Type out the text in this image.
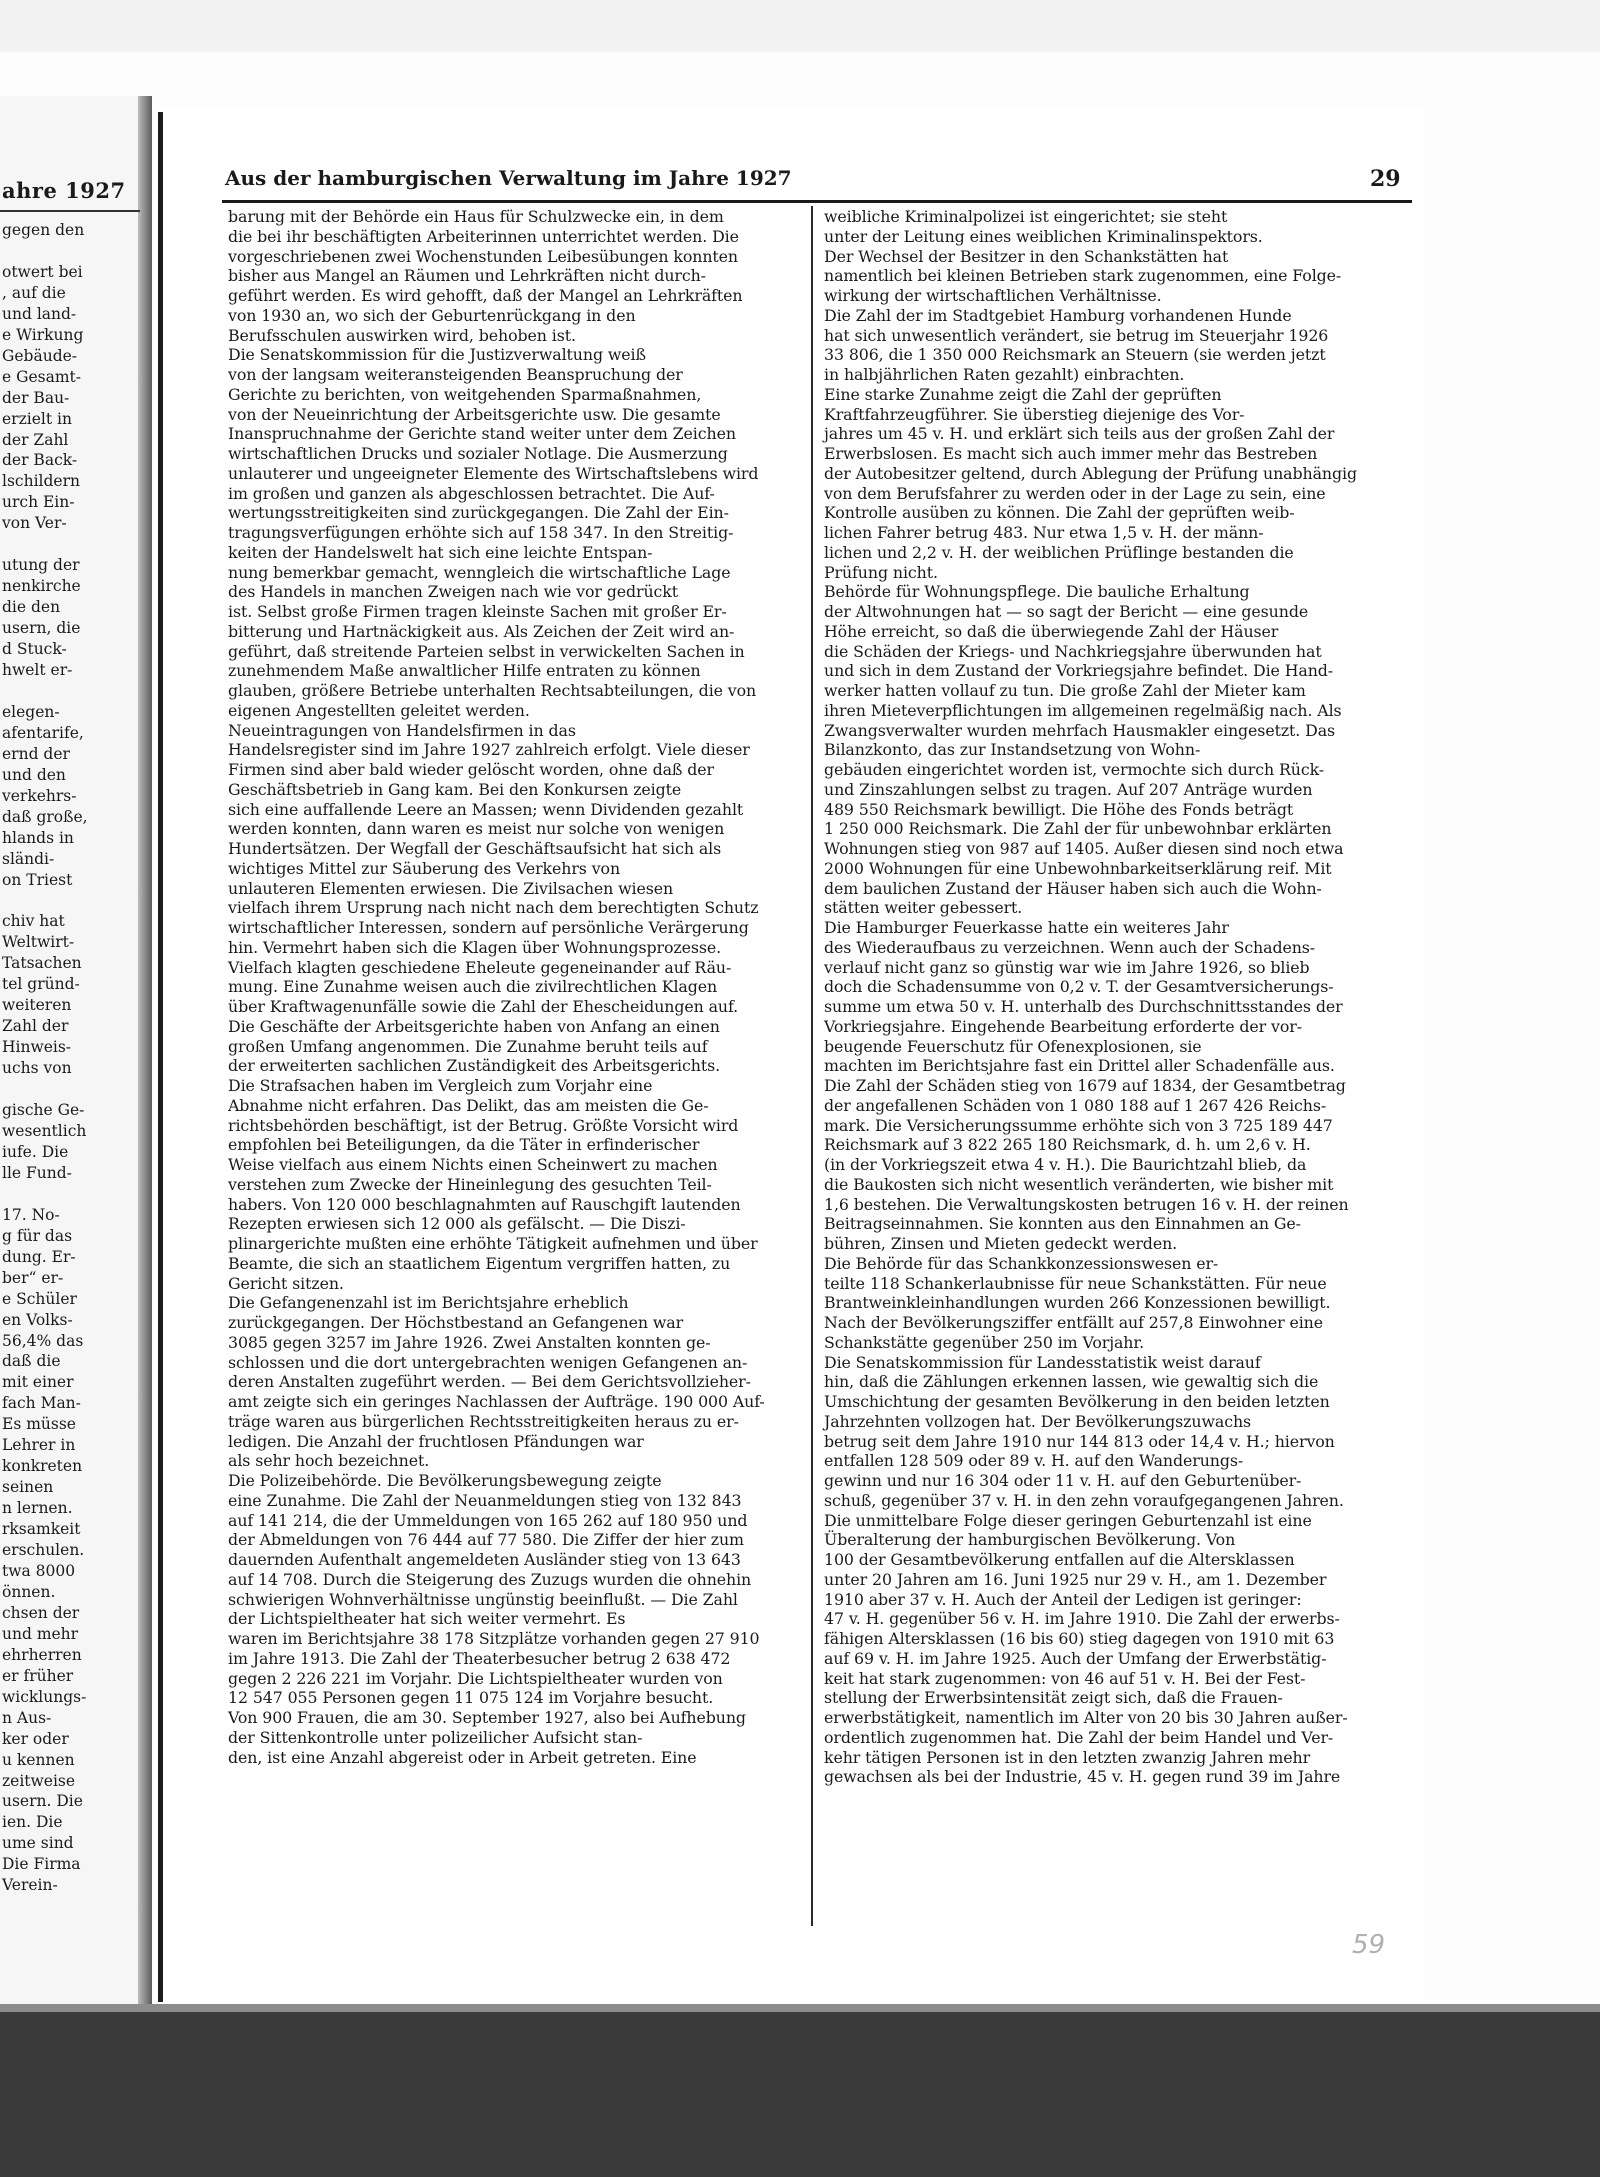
ahre 1927
gegen den

otwert bei
, auf die
und land-
e Wirkung
Gebäude-
e Gesamt-
der Bau-
erzielt in
der Zahl
der Back-
lschildern
urch Ein-
von Ver-

utung der
nenkirche
die den
usern, die
d Stuck-
hwelt er-

elegen-
afentarife,
ernd der
und den
verkehrs-
daß große,
hlands in
sländi-
on Triest

chiv hat
Weltwirt-
Tatsachen
tel gründ-
weiteren
Zahl der
Hinweis-
uchs von

gische Ge-
wesentlich
iufe. Die
lle Fund-

17. No-
g für das
dung. Er-
ber“ er-
e Schüler
en Volks-
56,4% das
daß die
mit einer
fach Man-
Es müsse
Lehrer in
konkreten
seinen
n lernen.
rksamkeit
erschulen.
twa 8000
önnen.
chsen der
und mehr
ehrherren
er früher
wicklungs-
n Aus-
ker oder
u kennen
zeitweise
usern. Die
ien. Die
ume sind
Die Firma
Verein-
Aus der hamburgischen Verwaltung im Jahre 1927	29
barung mit der Behörde ein Haus für Schulzwecke ein, in dem
die bei ihr beschäftigten Arbeiterinnen unterrichtet werden. Die
vorgeschriebenen zwei Wochenstunden Leibesübungen konnten
bisher aus Mangel an Räumen und Lehrkräften nicht durch-
geführt werden. Es wird gehofft, daß der Mangel an Lehrkräften
von 1930 an, wo sich der Geburtenrückgang in den
Berufsschulen auswirken wird, behoben ist.
Die Senatskommission für die Justizverwaltung weiß
von der langsam weiteransteigenden Beanspruchung der
Gerichte zu berichten, von weitgehenden Sparmaßnahmen,
von der Neueinrichtung der Arbeitsgerichte usw. Die gesamte
Inanspruchnahme der Gerichte stand weiter unter dem Zeichen
wirtschaftlichen Drucks und sozialer Notlage. Die Ausmerzung
unlauterer und ungeeigneter Elemente des Wirtschaftslebens wird
im großen und ganzen als abgeschlossen betrachtet. Die Auf-
wertungsstreitigkeiten sind zurückgegangen. Die Zahl der Ein-
tragungsverfügungen erhöhte sich auf 158 347. In den Streitig-
keiten der Handelswelt hat sich eine leichte Entspan-
nung bemerkbar gemacht, wenngleich die wirtschaftliche Lage
des Handels in manchen Zweigen nach wie vor gedrückt
ist. Selbst große Firmen tragen kleinste Sachen mit großer Er-
bitterung und Hartnäckigkeit aus. Als Zeichen der Zeit wird an-
geführt, daß streitende Parteien selbst in verwickelten Sachen in
zunehmendem Maße anwaltlicher Hilfe entraten zu können
glauben, größere Betriebe unterhalten Rechtsabteilungen, die von
eigenen Angestellten geleitet werden.
Neueintragungen von Handelsfirmen in das
Handelsregister sind im Jahre 1927 zahlreich erfolgt. Viele dieser
Firmen sind aber bald wieder gelöscht worden, ohne daß der
Geschäftsbetrieb in Gang kam. Bei den Konkursen zeigte
sich eine auffallende Leere an Massen; wenn Dividenden gezahlt
werden konnten, dann waren es meist nur solche von wenigen
Hundertsätzen. Der Wegfall der Geschäftsaufsicht hat sich als
wichtiges Mittel zur Säuberung des Verkehrs von
unlauteren Elementen erwiesen. Die Zivilsachen wiesen
vielfach ihrem Ursprung nach nicht nach dem berechtigten Schutz
wirtschaftlicher Interessen, sondern auf persönliche Verärgerung
hin. Vermehrt haben sich die Klagen über Wohnungsprozesse.
Vielfach klagten geschiedene Eheleute gegeneinander auf Räu-
mung. Eine Zunahme weisen auch die zivilrechtlichen Klagen
über Kraftwagenunfälle sowie die Zahl der Ehescheidungen auf.
Die Geschäfte der Arbeitsgerichte haben von Anfang an einen
großen Umfang angenommen. Die Zunahme beruht teils auf
der erweiterten sachlichen Zuständigkeit des Arbeitsgerichts.
Die Strafsachen haben im Vergleich zum Vorjahr eine
Abnahme nicht erfahren. Das Delikt, das am meisten die Ge-
richtsbehörden beschäftigt, ist der Betrug. Größte Vorsicht wird
empfohlen bei Beteiligungen, da die Täter in erfinderischer
Weise vielfach aus einem Nichts einen Scheinwert zu machen
verstehen zum Zwecke der Hineinlegung des gesuchten Teil-
habers. Von 120 000 beschlagnahmten auf Rauschgift lautenden
Rezepten erwiesen sich 12 000 als gefälscht. — Die Diszi-
plinargerichte mußten eine erhöhte Tätigkeit aufnehmen und über
Beamte, die sich an staatlichem Eigentum vergriffen hatten, zu
Gericht sitzen.
Die Gefangenenzahl ist im Berichtsjahre erheblich
zurückgegangen. Der Höchstbestand an Gefangenen war
3085 gegen 3257 im Jahre 1926. Zwei Anstalten konnten ge-
schlossen und die dort untergebrachten wenigen Gefangenen an-
deren Anstalten zugeführt werden. — Bei dem Gerichtsvollzieher-
amt zeigte sich ein geringes Nachlassen der Aufträge. 190 000 Auf-
träge waren aus bürgerlichen Rechtsstreitigkeiten heraus zu er-
ledigen. Die Anzahl der fruchtlosen Pfändungen war
als sehr hoch bezeichnet.
Die Polizeibehörde. Die Bevölkerungsbewegung zeigte
eine Zunahme. Die Zahl der Neuanmeldungen stieg von 132 843
auf 141 214, die der Ummeldungen von 165 262 auf 180 950 und
der Abmeldungen von 76 444 auf 77 580. Die Ziffer der hier zum
dauernden Aufenthalt angemeldeten Ausländer stieg von 13 643
auf 14 708. Durch die Steigerung des Zuzugs wurden die ohnehin
schwierigen Wohnverhältnisse ungünstig beeinflußt. — Die Zahl
der Lichtspieltheater hat sich weiter vermehrt. Es
waren im Berichtsjahre 38 178 Sitzplätze vorhanden gegen 27 910
im Jahre 1913. Die Zahl der Theaterbesucher betrug 2 638 472
gegen 2 226 221 im Vorjahr. Die Lichtspieltheater wurden von
12 547 055 Personen gegen 11 075 124 im Vorjahre besucht.
Von 900 Frauen, die am 30. September 1927, also bei Aufhebung
der Sittenkontrolle unter polizeilicher Aufsicht stan-
den, ist eine Anzahl abgereist oder in Arbeit getreten. Eine
weibliche Kriminalpolizei ist eingerichtet; sie steht
unter der Leitung eines weiblichen Kriminalinspektors.
Der Wechsel der Besitzer in den Schankstätten hat
namentlich bei kleinen Betrieben stark zugenommen, eine Folge-
wirkung der wirtschaftlichen Verhältnisse.
Die Zahl der im Stadtgebiet Hamburg vorhandenen Hunde
hat sich unwesentlich verändert, sie betrug im Steuerjahr 1926
33 806, die 1 350 000 Reichsmark an Steuern (sie werden jetzt
in halbjährlichen Raten gezahlt) einbrachten.
Eine starke Zunahme zeigt die Zahl der geprüften
Kraftfahrzeugführer. Sie überstieg diejenige des Vor-
jahres um 45 v. H. und erklärt sich teils aus der großen Zahl der
Erwerbslosen. Es macht sich auch immer mehr das Bestreben
der Autobesitzer geltend, durch Ablegung der Prüfung unabhängig
von dem Berufsfahrer zu werden oder in der Lage zu sein, eine
Kontrolle ausüben zu können. Die Zahl der geprüften weib-
lichen Fahrer betrug 483. Nur etwa 1,5 v. H. der männ-
lichen und 2,2 v. H. der weiblichen Prüflinge bestanden die
Prüfung nicht.
Behörde für Wohnungspflege. Die bauliche Erhaltung
der Altwohnungen hat — so sagt der Bericht — eine gesunde
Höhe erreicht, so daß die überwiegende Zahl der Häuser
die Schäden der Kriegs- und Nachkriegsjahre überwunden hat
und sich in dem Zustand der Vorkriegsjahre befindet. Die Hand-
werker hatten vollauf zu tun. Die große Zahl der Mieter kam
ihren Mieteverpflichtungen im allgemeinen regelmäßig nach. Als
Zwangsverwalter wurden mehrfach Hausmakler eingesetzt. Das
Bilanzkonto, das zur Instandsetzung von Wohn-
gebäuden eingerichtet worden ist, vermochte sich durch Rück-
und Zinszahlungen selbst zu tragen. Auf 207 Anträge wurden
489 550 Reichsmark bewilligt. Die Höhe des Fonds beträgt
1 250 000 Reichsmark. Die Zahl der für unbewohnbar erklärten
Wohnungen stieg von 987 auf 1405. Außer diesen sind noch etwa
2000 Wohnungen für eine Unbewohnbarkeitserklärung reif. Mit
dem baulichen Zustand der Häuser haben sich auch die Wohn-
stätten weiter gebessert.
Die Hamburger Feuerkasse hatte ein weiteres Jahr
des Wiederaufbaus zu verzeichnen. Wenn auch der Schadens-
verlauf nicht ganz so günstig war wie im Jahre 1926, so blieb
doch die Schadensumme von 0,2 v. T. der Gesamtversicherungs-
summe um etwa 50 v. H. unterhalb des Durchschnittsstandes der
Vorkriegsjahre. Eingehende Bearbeitung erforderte der vor-
beugende Feuerschutz für Ofenexplosionen, sie
machten im Berichtsjahre fast ein Drittel aller Schadenfälle aus.
Die Zahl der Schäden stieg von 1679 auf 1834, der Gesamtbetrag
der angefallenen Schäden von 1 080 188 auf 1 267 426 Reichs-
mark. Die Versicherungssumme erhöhte sich von 3 725 189 447
Reichsmark auf 3 822 265 180 Reichsmark, d. h. um 2,6 v. H.
(in der Vorkriegszeit etwa 4 v. H.). Die Baurichtzahl blieb, da
die Baukosten sich nicht wesentlich veränderten, wie bisher mit
1,6 bestehen. Die Verwaltungskosten betrugen 16 v. H. der reinen
Beitragseinnahmen. Sie konnten aus den Einnahmen an Ge-
bühren, Zinsen und Mieten gedeckt werden.
Die Behörde für das Schankkonzessionswesen er-
teilte 118 Schankerlaubnisse für neue Schankstätten. Für neue
Brantweinkleinhandlungen wurden 266 Konzessionen bewilligt.
Nach der Bevölkerungsziffer entfällt auf 257,8 Einwohner eine
Schankstätte gegenüber 250 im Vorjahr.
Die Senatskommission für Landesstatistik weist darauf
hin, daß die Zählungen erkennen lassen, wie gewaltig sich die
Umschichtung der gesamten Bevölkerung in den beiden letzten
Jahrzehnten vollzogen hat. Der Bevölkerungszuwachs
betrug seit dem Jahre 1910 nur 144 813 oder 14,4 v. H.; hiervon
entfallen 128 509 oder 89 v. H. auf den Wanderungs-
gewinn und nur 16 304 oder 11 v. H. auf den Geburtenüber-
schuß, gegenüber 37 v. H. in den zehn voraufgegangenen Jahren.
Die unmittelbare Folge dieser geringen Geburtenzahl ist eine
Überalterung der hamburgischen Bevölkerung. Von
100 der Gesamtbevölkerung entfallen auf die Altersklassen
unter 20 Jahren am 16. Juni 1925 nur 29 v. H., am 1. Dezember
1910 aber 37 v. H. Auch der Anteil der Ledigen ist geringer:
47 v. H. gegenüber 56 v. H. im Jahre 1910. Die Zahl der erwerbs-
fähigen Altersklassen (16 bis 60) stieg dagegen von 1910 mit 63
auf 69 v. H. im Jahre 1925. Auch der Umfang der Erwerbstätig-
keit hat stark zugenommen: von 46 auf 51 v. H. Bei der Fest-
stellung der Erwerbsintensität zeigt sich, daß die Frauen-
erwerbstätigkeit, namentlich im Alter von 20 bis 30 Jahren außer-
ordentlich zugenommen hat. Die Zahl der beim Handel und Ver-
kehr tätigen Personen ist in den letzten zwanzig Jahren mehr
gewachsen als bei der Industrie, 45 v. H. gegen rund 39 im Jahre
59
